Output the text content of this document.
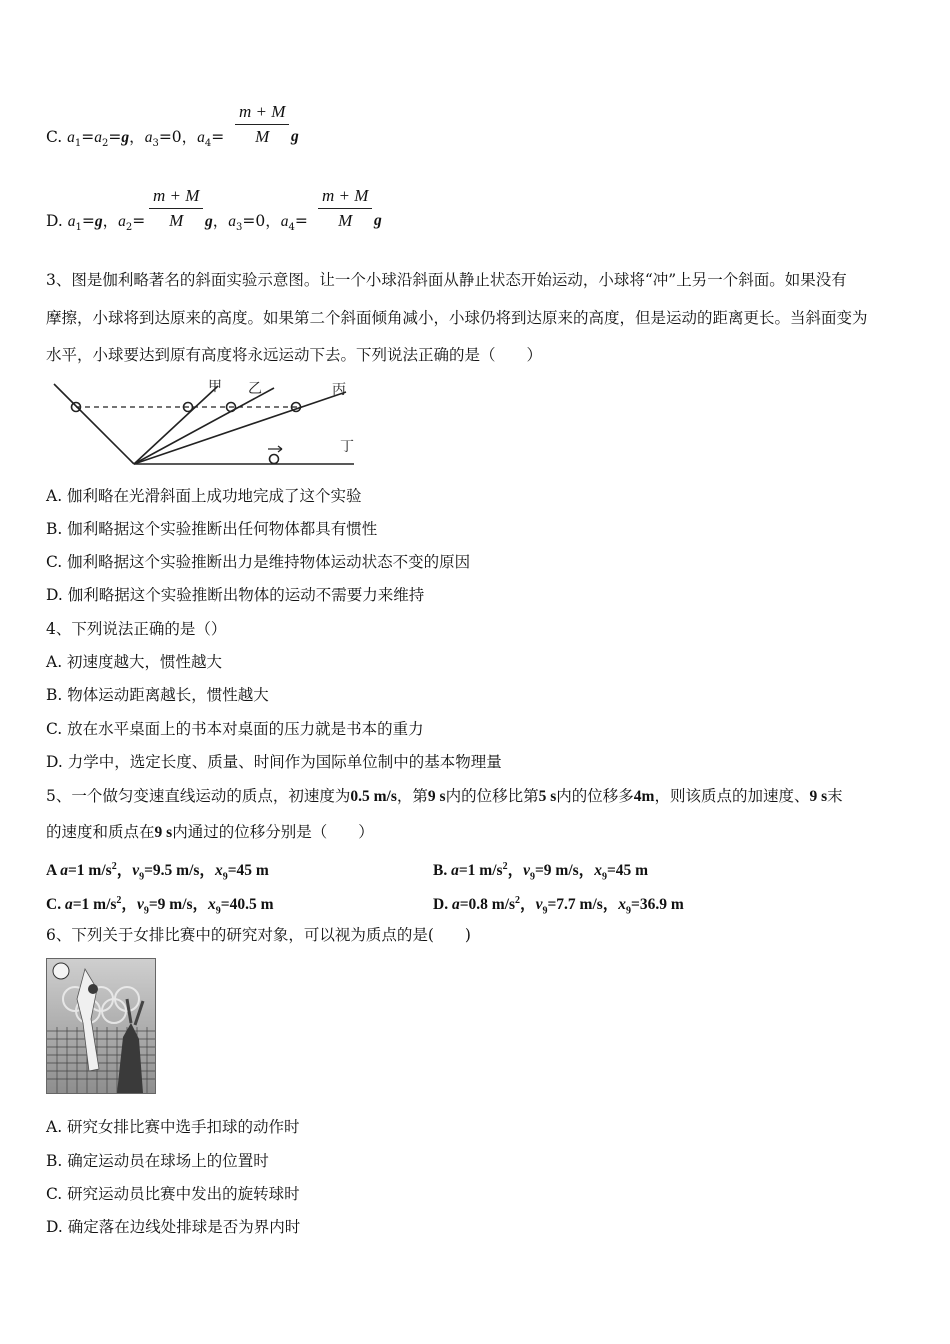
C. $a_1=a_2=g$，$a_3=0$，$a_4= \frac{m + M}{M}$ g
D. $a_1=g$，$a_2= \frac{m + M}{M}$ g，$a_3=0$，$a_4= \frac{m + M}{M}$ g
3、图是伽利略著名的斜面实验示意图。让一个小球沿斜面从静止状态开始运动，小球将“冲”上另一个斜面。如果没有
摩擦，小球将到达原来的高度。如果第二个斜面倾角减小，小球仍将到达原来的高度，但是运动的距离更长。当斜面变为
水平，小球要达到原有高度将永远运动下去。下列说法正确的是（　　）
甲 乙	丙
丁
A. 伽利略在光滑斜面上成功地完成了这个实验
B. 伽利略据这个实验推断出任何物体都具有惯性
C. 伽利略据这个实验推断出力是维持物体运动状态不变的原因
D. 伽利略据这个实验推断出物体的运动不需要力来维持
4、下列说法正确的是（）
A. 初速度越大，惯性越大
B. 物体运动距离越长，惯性越大
C. 放在水平桌面上的书本对桌面的压力就是书本的重力
D. 力学中，选定长度、质量、时间作为国际单位制中的基本物理量
5、一个做匀变速直线运动的质点，初速度为0.5 m/s，第9 s内的位移比第5 s内的位移多4m，则该质点的加速度、9 s末
的速度和质点在9 s内通过的位移分别是（　　）
A a=1 $m/s^2$，$v_9=9.5$ m/s，$x_9=45$ m	B. a=1 $m/s^2$，$v_9=9$ m/s，$x_9=45$ m
C. a=1 $m/s^2$，$v_9=9$ m/s，$x_9=40.5$ m	D. a=0.8 $m/s^2$，$v_9=7.7$ m/s，$x_9=36.9$ m
6、下列关于女排比赛中的研究对象，可以视为质点的是(　　)
A. 研究女排比赛中选手扣球的动作时
B. 确定运动员在球场上的位置时
C. 研究运动员比赛中发出的旋转球时
D. 确定落在边线处排球是否为界内时
